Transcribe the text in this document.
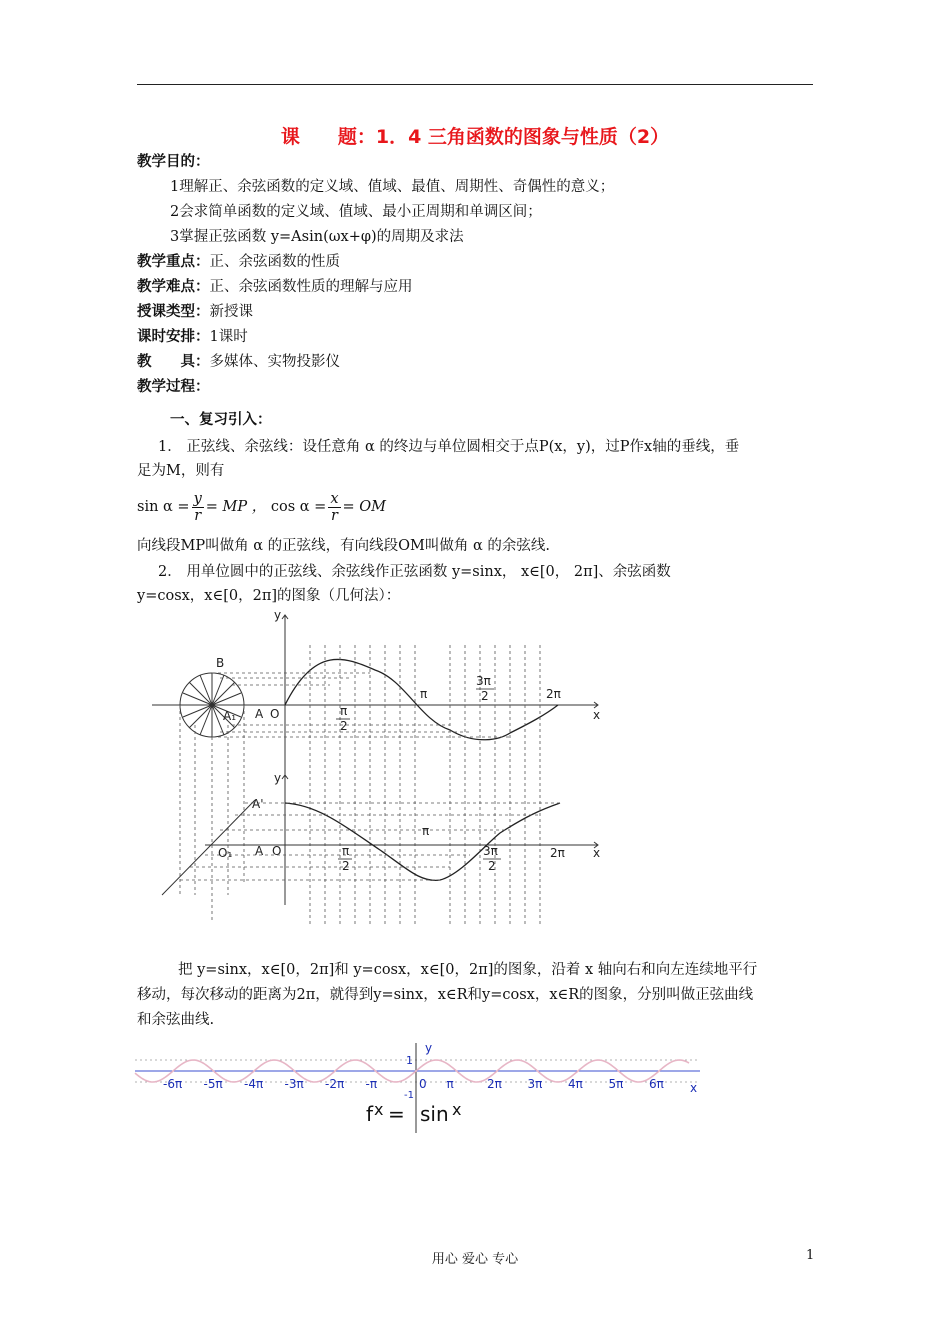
课　　题：1．4 三角函数的图象与性质（2）
教学目的：
1理解正、余弦函数的定义域、值域、最值、周期性、奇偶性的意义；
2会求简单函数的定义域、值域、最小正周期和单调区间；
3掌握正弦函数 y=Asin(ωx+φ)的周期及求法
教学重点：正、余弦函数的性质
教学难点：正、余弦函数性质的理解与应用
授课类型：新授课
课时安排：1课时
教　　具：多媒体、实物投影仪
教学过程：
一、复习引入：
1． 正弦线、余弦线：设任意角 α 的终边与单位圆相交于点P(x，y)，过P作x轴的垂线，垂
足为M，则有
$\sin \alpha = \frac{y}{r}$ = MP ， $\cos \alpha = \frac{x}{r}$ = OM
向线段MP叫做角 α 的正弦线，有向线段OM叫做角 α 的余弦线.
2． 用单位圆中的正弦线、余弦线作正弦函数 y=sinx， x∈[0， 2π]、余弦函数
y=cosx，x∈[0，2π]的图象（几何法）：
y
x
B
A₁ A O	π
2
π
3π
2	2π
y
x
A'
O₁ A O	π
2
π
3π
2
2π
把 y=sinx，x∈[0，2π]和 y=cosx，x∈[0，2π]的图象，沿着 x 轴向右和向左连续地平行
移动，每次移动的距离为2π，就得到y=sinx，x∈R和y=cosx，x∈R的图象，分别叫做正弦曲线
和余弦曲线.
x
y
1
-1
0
-6π -5π -4π -3π -2π -π	π	2π 3π 4π 5π 6π
f x = sin x
用心 爱心 专心	1
